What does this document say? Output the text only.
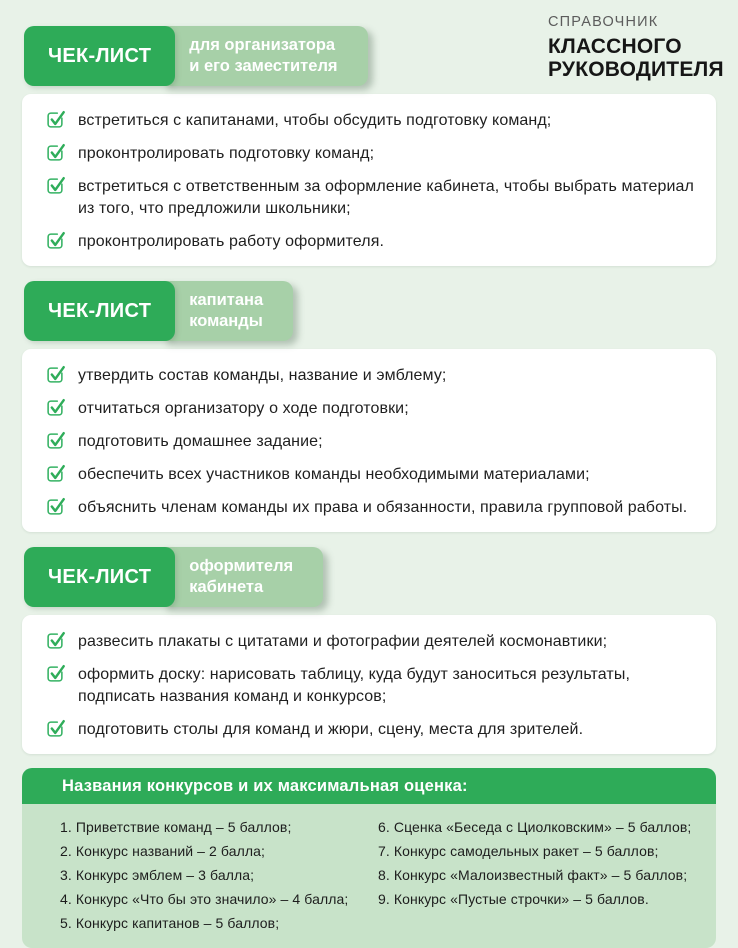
СПРАВОЧНИК
КЛАССНОГО
РУКОВОДИТЕЛЯ
ЧЕК-ЛИСТ	для организатора
и его заместителя
встретиться с капитанами, чтобы обсудить подготовку команд;
проконтролировать подготовку команд;
встретиться с ответственным за оформление кабинета, чтобы выбрать материал из того, что предложили школьники;
проконтролировать работу оформителя.
ЧЕК-ЛИСТ	капитана
команды
утвердить состав команды, название и эмблему;
отчитаться организатору о ходе подготовки;
подготовить домашнее задание;
обеспечить всех участников команды необходимыми материалами;
объяснить членам команды их права и обязанности, правила групповой работы.
ЧЕК-ЛИСТ	оформителя
кабинета
развесить плакаты с цитатами и фотографии деятелей космонавтики;
оформить доску: нарисовать таблицу, куда будут заноситься результаты, подписать названия команд и конкурсов;
подготовить столы для команд и жюри, сцену, места для зрителей.
Названия конкурсов и их максимальная оценка:
1. Приветствие команд – 5 баллов;
2. Конкурс названий – 2 балла;
3. Конкурс эмблем – 3 балла;
4. Конкурс «Что бы это значило» – 4 балла;
5. Конкурс капитанов – 5 баллов;
6. Сценка «Беседа с Циолковским» – 5 баллов;
7. Конкурс самодельных ракет – 5 баллов;
8. Конкурс «Малоизвестный факт» – 5 баллов;
9. Конкурс «Пустые строчки» – 5 баллов.
